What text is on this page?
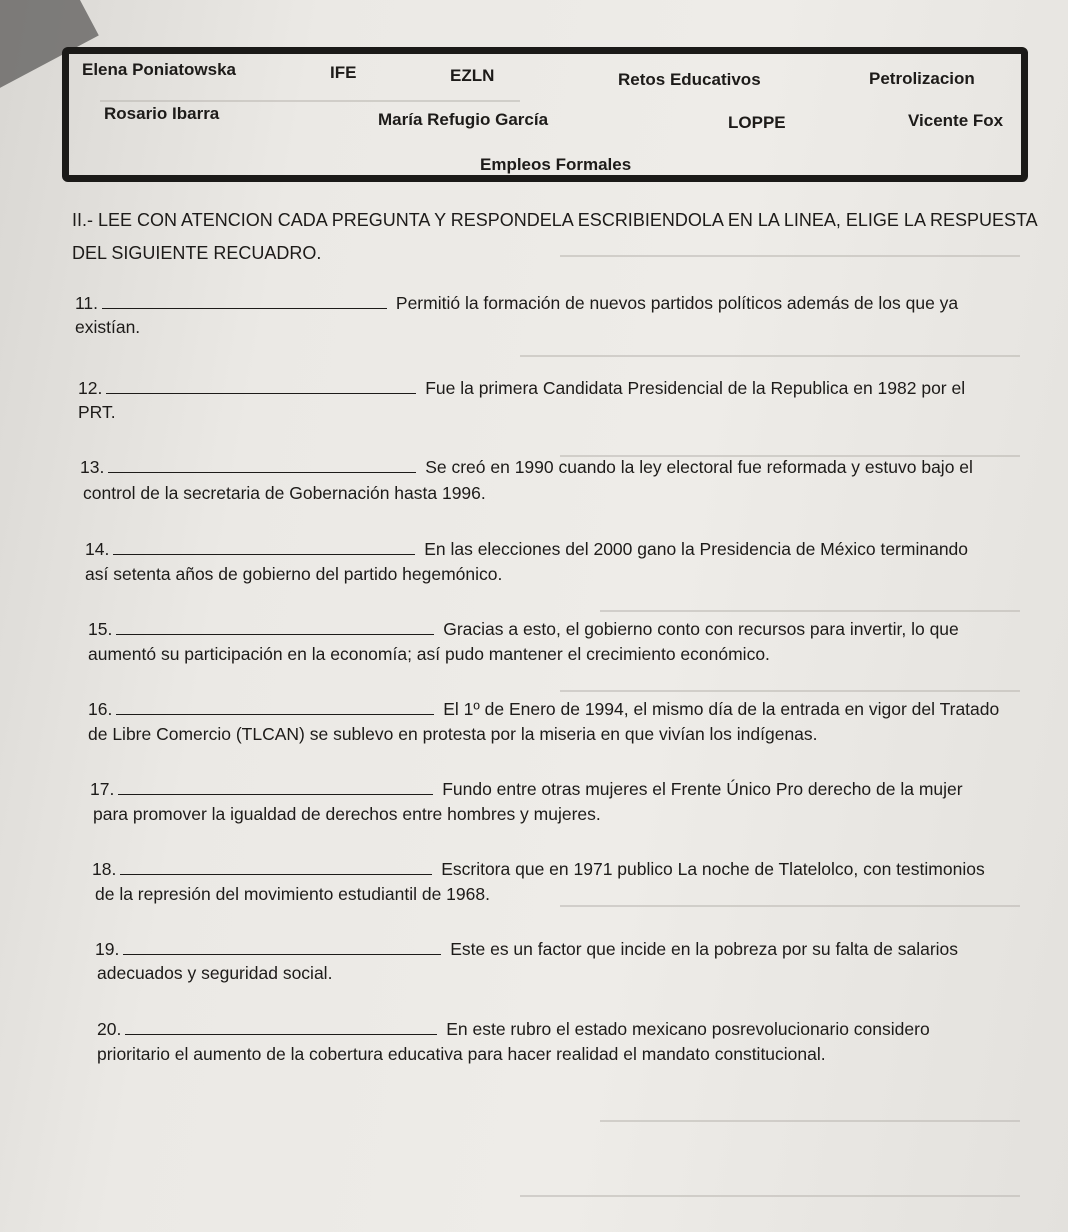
Elena Poniatowska	IFE	EZLN	Retos Educativos	Petrolizacion
Rosario Ibarra	María Refugio García	LOPPE	Vicente Fox
Empleos Formales
II.- LEE CON ATENCION CADA PREGUNTA Y RESPONDELA ESCRIBIENDOLA EN LA LINEA, ELIGE LA RESPUESTA DEL SIGUIENTE RECUADRO.
11.	Permitió la formación de nuevos partidos políticos además de los que ya
existían.
12.	Fue la primera Candidata Presidencial de la Republica en 1982 por el
PRT.
13.	Se creó en 1990 cuando la ley electoral fue reformada y estuvo bajo el
control de la secretaria de Gobernación hasta 1996.
14.	En las elecciones del 2000 gano la Presidencia de México terminando
así setenta años de gobierno del partido hegemónico.
15.	Gracias a esto, el gobierno conto con recursos para invertir, lo que
aumentó su participación en la economía; así pudo mantener el crecimiento económico.
16.	El 1º de Enero de 1994, el mismo día de la entrada en vigor del Tratado
de Libre Comercio (TLCAN) se sublevo en protesta por la miseria en que vivían los indígenas.
17.	Fundo entre otras mujeres el Frente Único Pro derecho de la mujer
para promover la igualdad de derechos entre hombres y mujeres.
18.	Escritora que en 1971 publico La noche de Tlatelolco, con testimonios
de la represión del movimiento estudiantil de 1968.
19.	Este es un factor que incide en la pobreza por su falta de salarios
adecuados y seguridad social.
20.	En este rubro el estado mexicano posrevolucionario considero
prioritario el aumento de la cobertura educativa para hacer realidad el mandato constitucional.
